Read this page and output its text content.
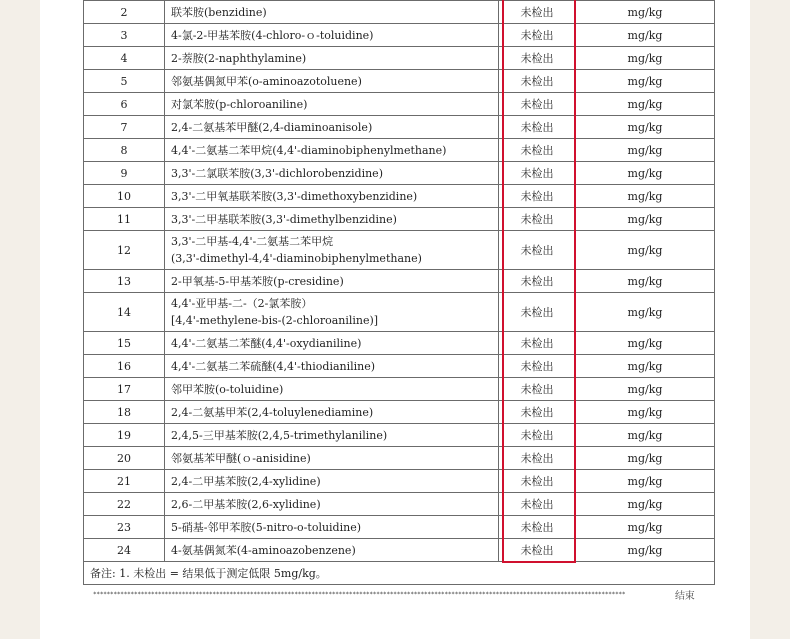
2	联苯胺(benzidine)	未检出	mg/kg
3	4-氯-2-甲基苯胺(4-chloro-ｏ-toluidine)	未检出	mg/kg
4	2-萘胺(2-naphthylamine)	未检出	mg/kg
5	邻氨基偶氮甲苯(o-aminoazotoluene)	未检出	mg/kg
6	对氯苯胺(p-chloroaniline)	未检出	mg/kg
7	2,4-二氨基苯甲醚(2,4-diaminoanisole)	未检出	mg/kg
8	4,4'-二氨基二苯甲烷(4,4'-diaminobiphenylmethane)	未检出	mg/kg
9	3,3'-二氯联苯胺(3,3'-dichlorobenzidine)	未检出	mg/kg
10	3,3'-二甲氧基联苯胺(3,3'-dimethoxybenzidine)	未检出	mg/kg
11	3,3'-二甲基联苯胺(3,3'-dimethylbenzidine)	未检出	mg/kg
12	3,3'-二甲基-4,4'-二氨基二苯甲烷
(3,3'-dimethyl-4,4'-diaminobiphenylmethane)	未检出	mg/kg
13	2-甲氧基-5-甲基苯胺(p-cresidine)	未检出	mg/kg
14	4,4'-亚甲基-二-（2-氯苯胺）
[4,4'-methylene-bis-(2-chloroaniline)]	未检出	mg/kg
15	4,4'-二氨基二苯醚(4,4'-oxydianiline)	未检出	mg/kg
16	4,4'-二氨基二苯硫醚(4,4'-thiodianiline)	未检出	mg/kg
17	邻甲苯胺(o-toluidine)	未检出	mg/kg
18	2,4-二氨基甲苯(2,4-toluylenediamine)	未检出	mg/kg
19	2,4,5-三甲基苯胺(2,4,5-trimethylaniline)	未检出	mg/kg
20	邻氨基苯甲醚(ｏ-anisidine)	未检出	mg/kg
21	2,4-二甲基苯胺(2,4-xylidine)	未检出	mg/kg
22	2,6-二甲基苯胺(2,6-xylidine)	未检出	mg/kg
23	5-硝基-邻甲苯胺(5-nitro-o-toluidine)	未检出	mg/kg
24	4-氨基偶氮苯(4-aminoazobenzene)	未检出	mg/kg
备注: 1. 未检出 = 结果低于测定低限 5mg/kg。			
************************************************************************************************************************************************************	结束
